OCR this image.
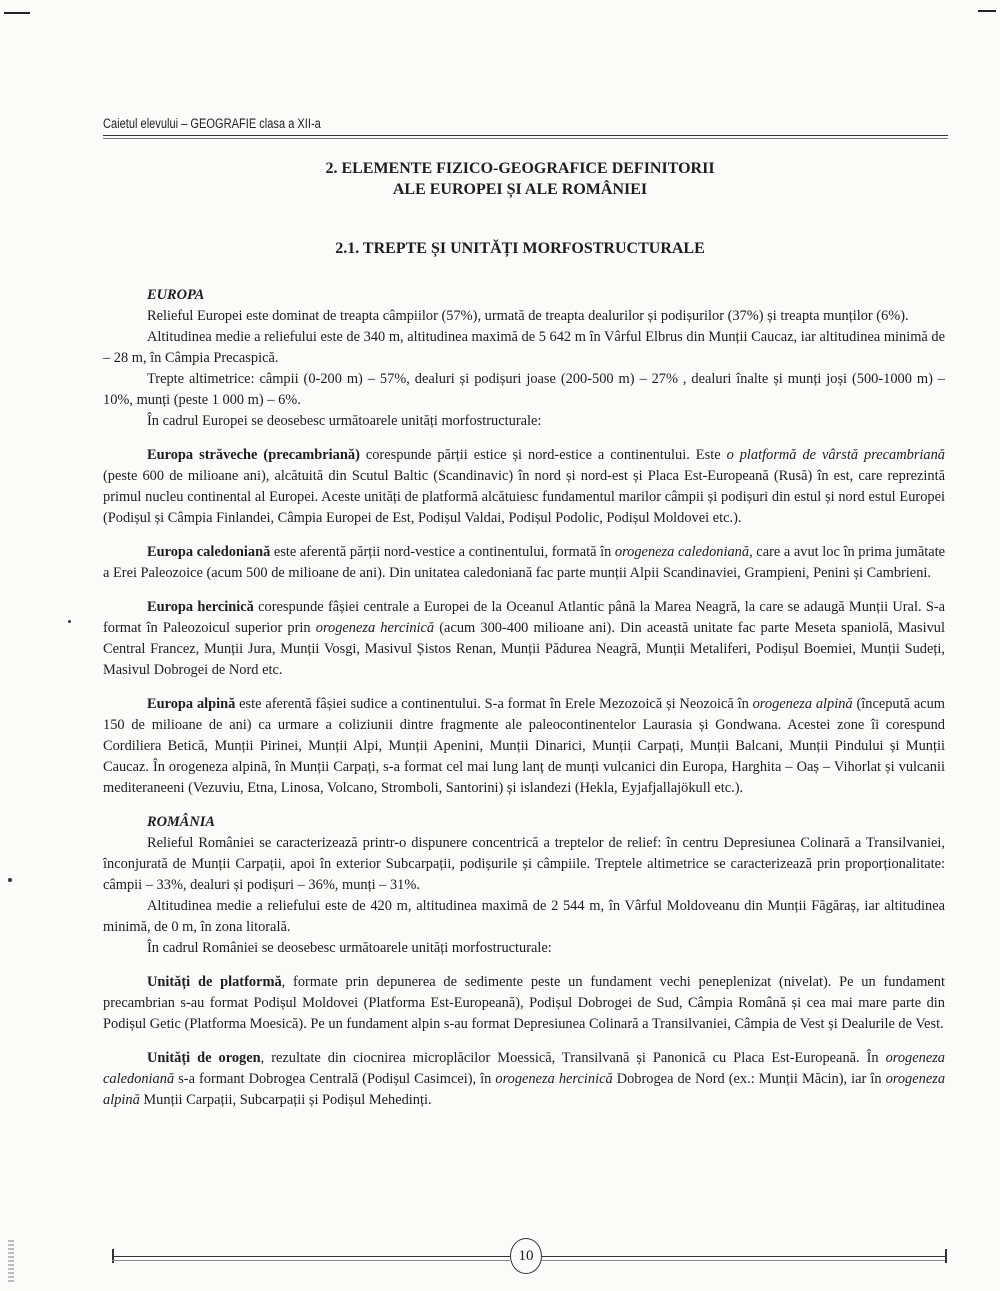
Caietul elevului – GEOGRAFIE clasa a XII-a
2. ELEMENTE FIZICO-GEOGRAFICE DEFINITORII
ALE EUROPEI ȘI ALE ROMÂNIEI
2.1. TREPTE ȘI UNITĂȚI MORFOSTRUCTURALE
EUROPA

Relieful Europei este dominat de treapta câmpiilor (57%), urmată de treapta dealurilor și podișurilor (37%) și treapta munților (6%).

Altitudinea medie a reliefului este de 340 m, altitudinea maximă de 5 642 m în Vârful Elbrus din Munții Caucaz, iar altitudinea minimă de – 28 m, în Câmpia Precaspică.

Trepte altimetrice: câmpii (0-200 m) – 57%, dealuri și podișuri joase (200-500 m) – 27% , dealuri înalte și munți joși (500-1000 m) – 10%, munți (peste 1 000 m) – 6%.

În cadrul Europei se deosebesc următoarele unități morfostructurale:

Europa străveche (precambriană) corespunde părții estice și nord-estice a continentului. Este o platformă de vârstă precambriană (peste 600 de milioane ani), alcătuită din Scutul Baltic (Scandinavic) în nord și nord-est și Placa Est-Europeană (Rusă) în est, care reprezintă primul nucleu continental al Europei. Aceste unități de platformă alcătuiesc fundamentul marilor câmpii și podișuri din estul și nord estul Europei (Podișul și Câmpia Finlandei, Câmpia Europei de Est, Podișul Valdai, Podișul Podolic, Podișul Moldovei etc.).

Europa caledoniană este aferentă părții nord-vestice a continentului, formată în orogeneza caledoniană, care a avut loc în prima jumătate a Erei Paleozoice (acum 500 de milioane de ani). Din unitatea caledoniană fac parte munții Alpii Scandinaviei, Grampieni, Penini și Cambrieni.

Europa hercinică corespunde fâșiei centrale a Europei de la Oceanul Atlantic până la Marea Neagră, la care se adaugă Munții Ural. S-a format în Paleozoicul superior prin orogeneza hercinică (acum 300-400 milioane ani). Din această unitate fac parte Meseta spaniolă, Masivul Central Francez, Munții Jura, Munții Vosgi, Masivul Șistos Renan, Munții Pădurea Neagră, Munții Metaliferi, Podișul Boemiei, Munții Sudeți, Masivul Dobrogei de Nord etc.

Europa alpină este aferentă fâșiei sudice a continentului. S-a format în Erele Mezozoică și Neozoică în orogeneza alpină (începută acum 150 de milioane de ani) ca urmare a coliziunii dintre fragmente ale paleocontinentelor Laurasia și Gondwana. Acestei zone îi corespund Cordiliera Betică, Munții Pirinei, Munții Alpi, Munții Apenini, Munții Dinarici, Munții Carpați, Munții Balcani, Munții Pindului și Munții Caucaz. În orogeneza alpină, în Munții Carpați, s-a format cel mai lung lanț de munți vulcanici din Europa, Harghita – Oaș – Vihorlat și vulcanii mediteraneeni (Vezuviu, Etna, Linosa, Volcano, Stromboli, Santorini) și islandezi (Hekla, Eyjafjallajökull etc.).

ROMÂNIA

Relieful României se caracterizează printr-o dispunere concentrică a treptelor de relief: în centru Depresiunea Colinară a Transilvaniei, înconjurată de Munții Carpații, apoi în exterior Subcarpații, podișurile și câmpiile. Treptele altimetrice se caracterizează prin proporționalitate: câmpii – 33%, dealuri și podișuri – 36%, munți – 31%.

Altitudinea medie a reliefului este de 420 m, altitudinea maximă de 2 544 m, în Vârful Moldoveanu din Munții Făgăraș, iar altitudinea minimă, de 0 m, în zona litorală.

În cadrul României se deosebesc următoarele unități morfostructurale:

Unități de platformă, formate prin depunerea de sedimente peste un fundament vechi peneplenizat (nivelat). Pe un fundament precambrian s-au format Podișul Moldovei (Platforma Est-Europeană), Podișul Dobrogei de Sud, Câmpia Română și cea mai mare parte din Podișul Getic (Platforma Moesică). Pe un fundament alpin s-au format Depresiunea Colinară a Transilvaniei, Câmpia de Vest și Dealurile de Vest.

Unități de orogen, rezultate din ciocnirea microplăcilor Moessică, Transilvană și Panonică cu Placa Est-Europeană. În orogeneza caledoniană s-a formant Dobrogea Centrală (Podișul Casimcei), în orogeneza hercinică Dobrogea de Nord (ex.: Munții Măcin), iar în orogeneza alpină Munții Carpații, Subcarpații și Podișul Mehedinți.

10
